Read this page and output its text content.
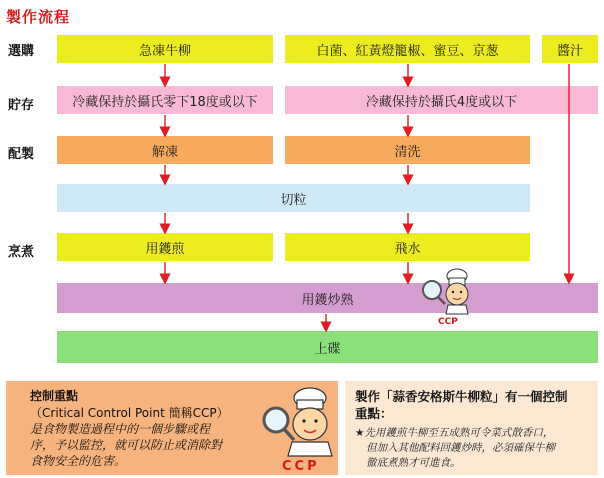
製作流程
選購
貯存
配製
烹煮
急凍牛柳	白菌、紅黃燈籠椒、蜜豆、京葱	醬汁
冷藏保持於攝氏零下18度或以下	冷藏保持於攝氏4度或以下
解凍	清洗
切粒
用鑊煎	飛水
用鑊炒熟
上碟
CCP
控制重點
（Critical Control Point 簡稱CCP）
是食物製造過程中的一個步驟或程
序，予以監控，就可以防止或消除對
食物安全的危害。	CCP
製作「蒜香安格斯牛柳粒」有一個控制
重點：
★先用鑊煎牛柳至五成熟可令菜式散香口，
但加入其他配料回鑊炒時，必須確保牛柳
徹底煮熟才可進食。
